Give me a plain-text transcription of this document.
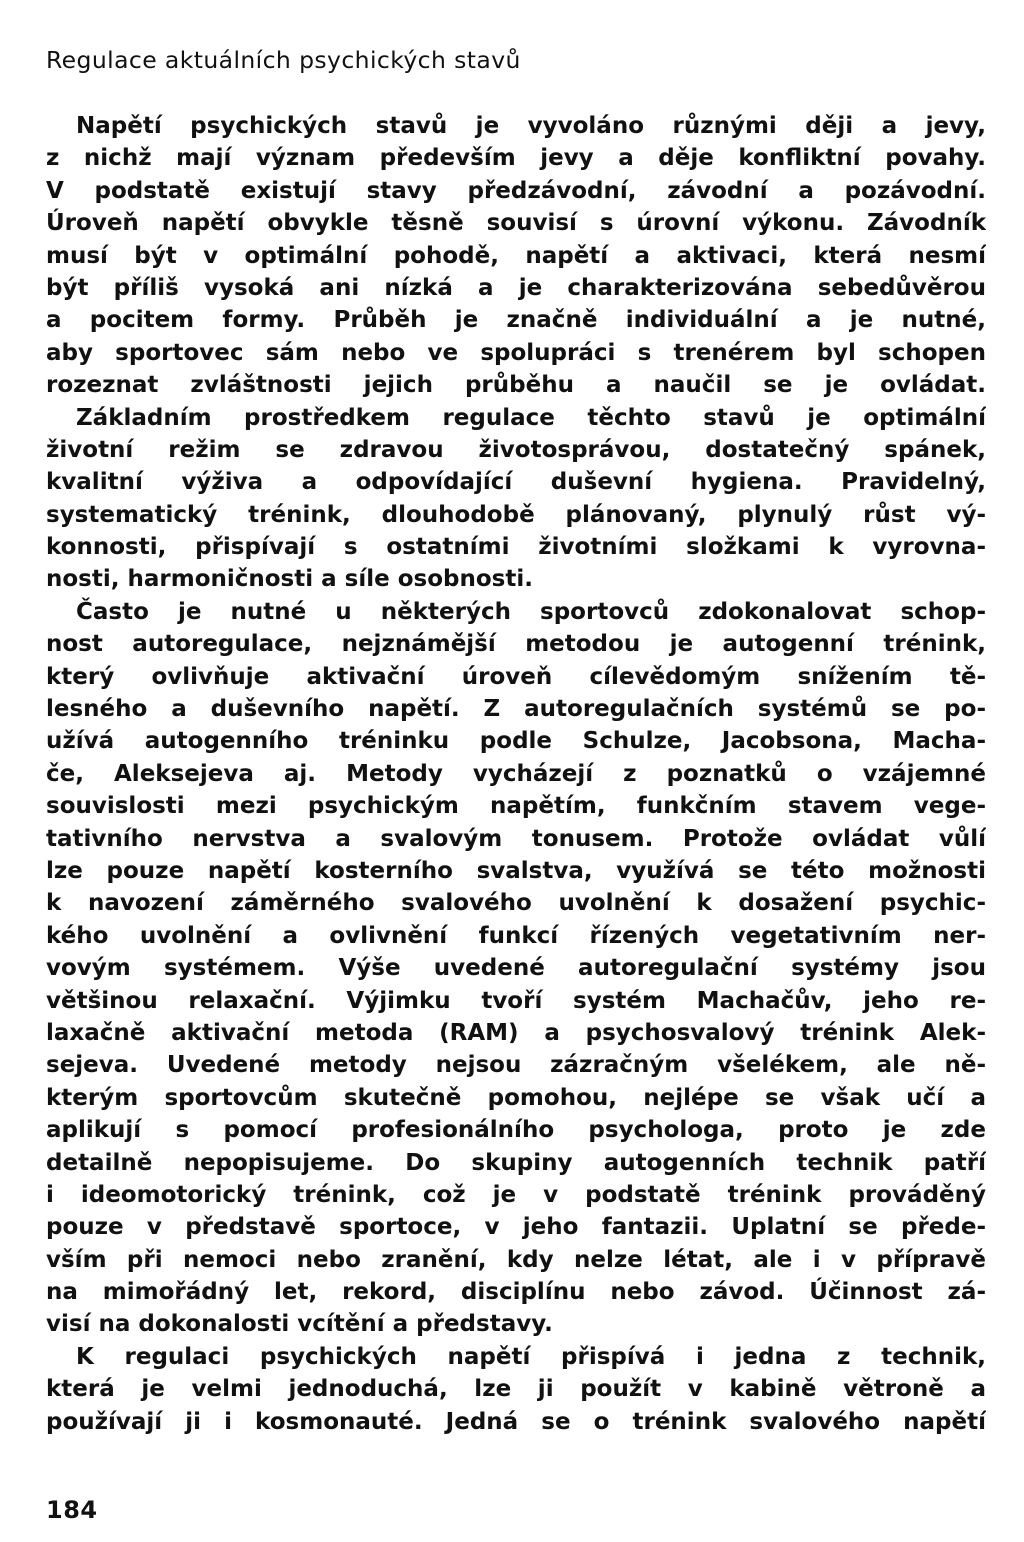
Regulace aktuálních psychických stavů
Napětí psychických stavů je vyvoláno různými ději a jevy,
z nichž mají význam především jevy a děje konfliktní povahy.
V podstatě existují stavy předzávodní, závodní a pozávodní.
Úroveň napětí obvykle těsně souvisí s úrovní výkonu. Závodník
musí být v optimální pohodě, napětí a aktivaci, která nesmí
být příliš vysoká ani nízká a je charakterizována sebedůvěrou
a pocitem formy. Průběh je značně individuální a je nutné,
aby sportovec sám nebo ve spolupráci s trenérem byl schopen
rozeznat zvláštnosti jejich průběhu a naučil se je ovládat.
Základním prostředkem regulace těchto stavů je optimální
životní režim se zdravou životosprávou, dostatečný spánek,
kvalitní výživa a odpovídající duševní hygiena. Pravidelný,
systematický trénink, dlouhodobě plánovaný, plynulý růst vý-
konnosti, přispívají s ostatními životními složkami k vyrovna-
nosti, harmoničnosti a síle osobnosti.
Často je nutné u některých sportovců zdokonalovat schop-
nost autoregulace, nejznámější metodou je autogenní trénink,
který ovlivňuje aktivační úroveň cílevědomým snížením tě-
lesného a duševního napětí. Z autoregulačních systémů se po-
užívá autogenního tréninku podle Schulze, Jacobsona, Macha-
če, Aleksejeva aj. Metody vycházejí z poznatků o vzájemné
souvislosti mezi psychickým napětím, funkčním stavem vege-
tativního nervstva a svalovým tonusem. Protože ovládat vůlí
lze pouze napětí kosterního svalstva, využívá se této možnosti
k navození záměrného svalového uvolnění k dosažení psychic-
kého uvolnění a ovlivnění funkcí řízených vegetativním ner-
vovým systémem. Výše uvedené autoregulační systémy jsou
většinou relaxační. Výjimku tvoří systém Machačův, jeho re-
laxačně aktivační metoda (RAM) a psychosvalový trénink Alek-
sejeva. Uvedené metody nejsou zázračným všelékem, ale ně-
kterým sportovcům skutečně pomohou, nejlépe se však učí a
aplikují s pomocí profesionálního psychologa, proto je zde
detailně nepopisujeme. Do skupiny autogenních technik patří
i ideomotorický trénink, což je v podstatě trénink prováděný
pouze v představě sportoce, v jeho fantazii. Uplatní se přede-
vším při nemoci nebo zranění, kdy nelze létat, ale i v přípravě
na mimořádný let, rekord, disciplínu nebo závod. Účinnost zá-
visí na dokonalosti vcítění a představy.
K regulaci psychických napětí přispívá i jedna z technik,
která je velmi jednoduchá, lze ji použít v kabině větroně a
používají ji i kosmonauté. Jedná se o trénink svalového napětí
184
